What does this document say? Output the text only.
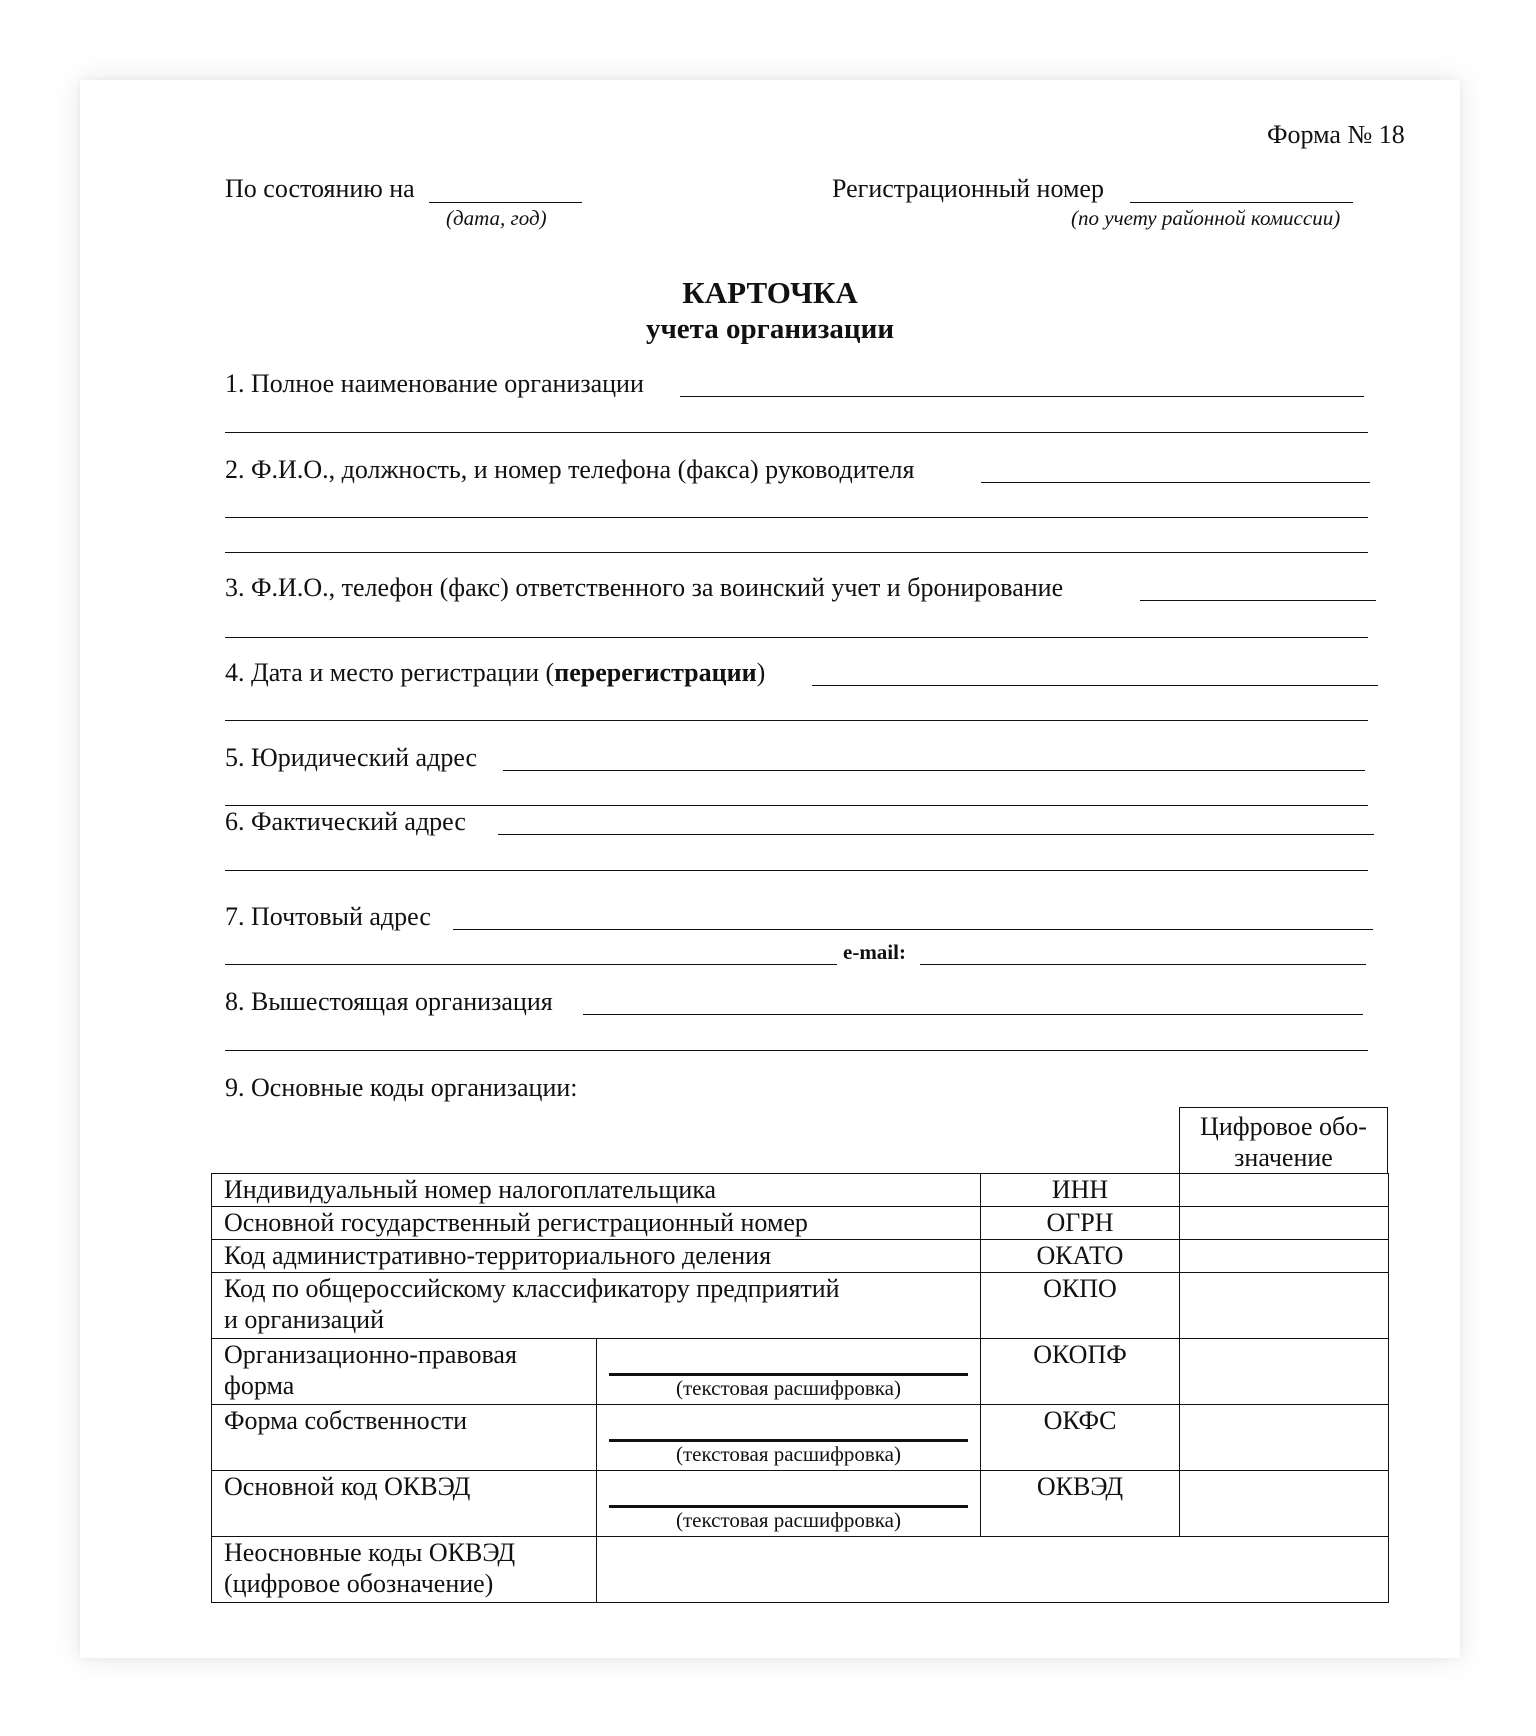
Форма № 18
По состоянию на
(дата, год)
Регистрационный номер
(по учету районной комиссии)
КАРТОЧКА
учета организации
1. Полное наименование организации
2. Ф.И.О., должность, и номер телефона (факса) руководителя
3. Ф.И.О., телефон (факс) ответственного за воинский учет и бронирование
4. Дата и место регистрации (перерегистрации)
5. Юридический адрес
6. Фактический адрес
7. Почтовый адрес
e-mail:
8. Вышестоящая организация
9. Основные коды организации:
Цифровое обо-
значение
Индивидуальный номер налогоплательщика		ИНН	
Основной государственный регистрационный номер		ОГРН	
Код административно-территориального деления		ОКАТО	

Код по общероссийскому классификатору предприятий
и организаций		ОКПО	

Организационно-правовая
форма	(текстовая расшифровка)	ОКОПФ	
Форма собственности	(текстовая расшифровка)	ОКФС	
Основной код ОКВЭД	(текстовая расшифровка)	ОКВЭД	

Неосновные коды ОКВЭД
(цифровое обозначение)			
